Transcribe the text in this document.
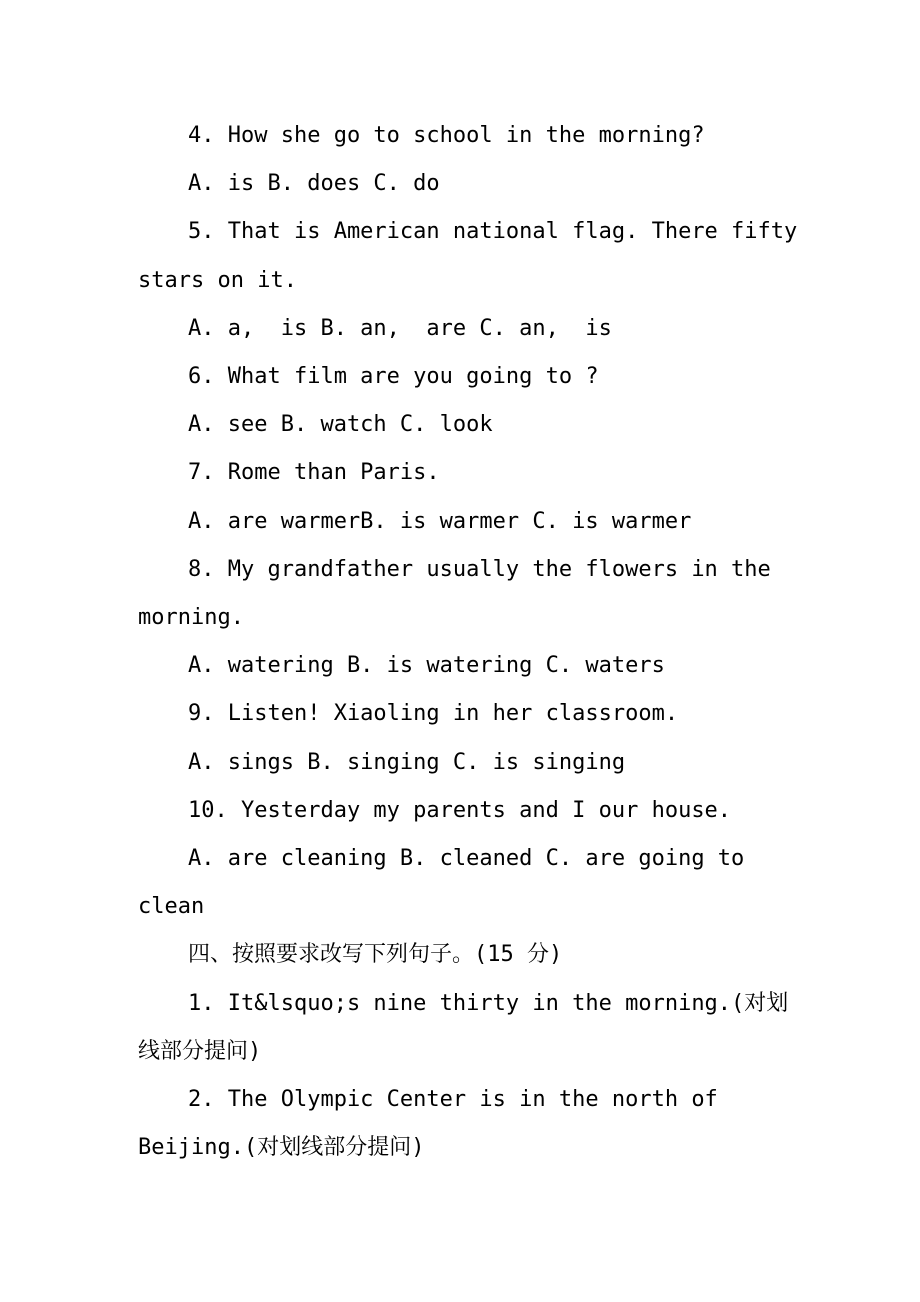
4. How she go to school in the morning?
A. is B. does C. do
5. That is American national flag. There fifty
stars on it.
A. a,  is B. an,  are C. an,  is
6. What film are you going to ?
A. see B. watch C. look
7. Rome than Paris.
A. are warmerB. is warmer C. is warmer
8. My grandfather usually the flowers in the
morning.
A. watering B. is watering C. waters
9. Listen! Xiaoling in her classroom.
A. sings B. singing C. is singing
10. Yesterday my parents and I our house.
A. are cleaning B. cleaned C. are going to
clean
四、按照要求改写下列句子。(15 分)
1. It&lsquo;s nine thirty in the morning.(对划
线部分提问)
2. The Olympic Center is in the north of
Beijing.(对划线部分提问)
